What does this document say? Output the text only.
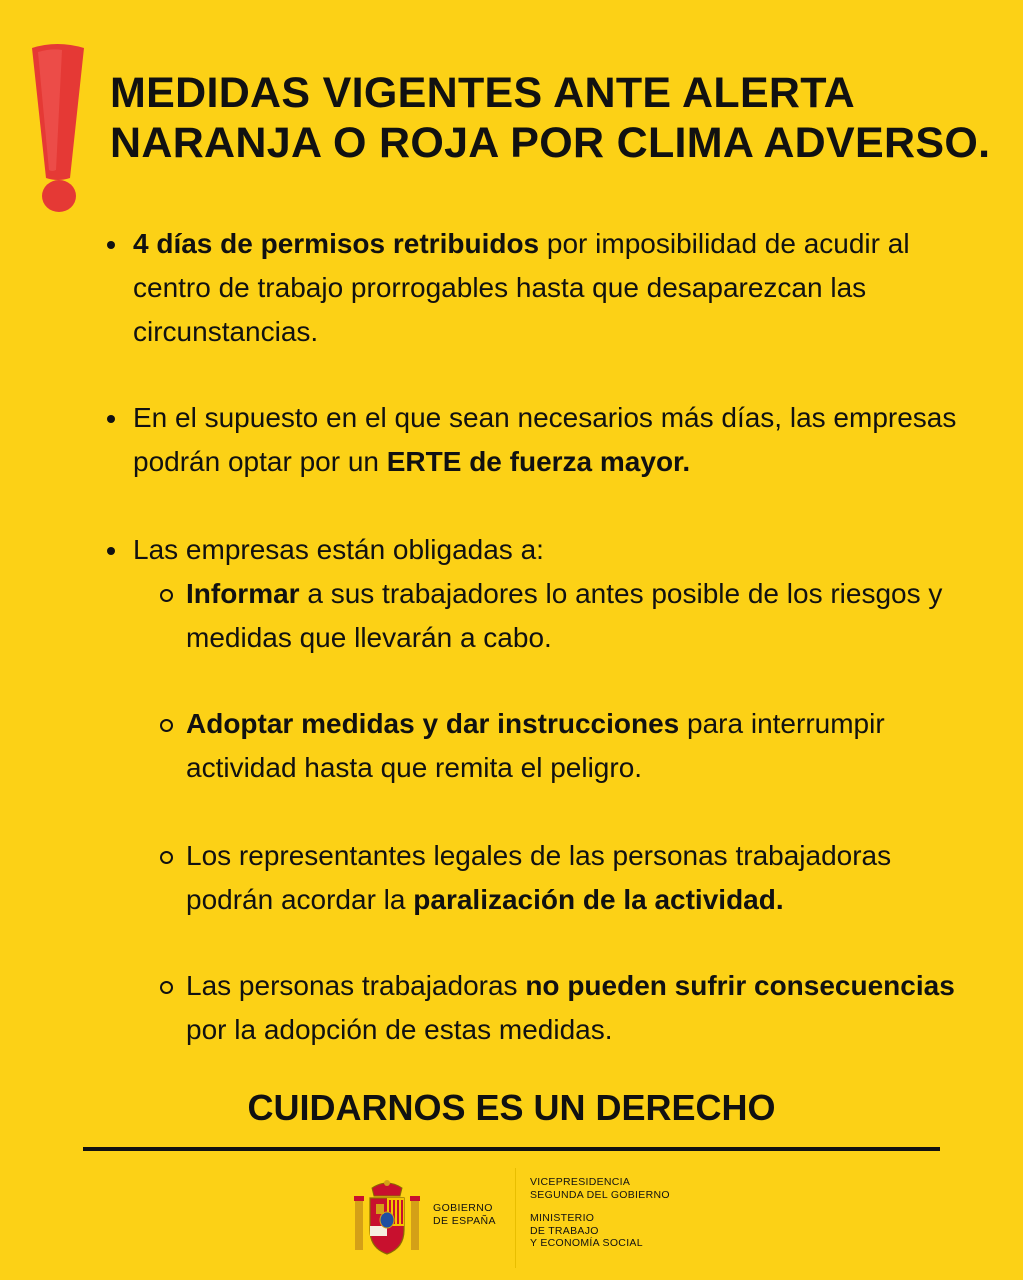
MEDIDAS VIGENTES ANTE ALERTA
NARANJA O ROJA POR CLIMA ADVERSO.
4 días de permisos retribuidos por imposibilidad de acudir al centro de trabajo prorrogables hasta que desaparezcan las circunstancias.
En el supuesto en el que sean necesarios más días, las empresas podrán optar por un ERTE de fuerza mayor.
Las empresas están obligadas a:
Informar a sus trabajadores lo antes posible de los riesgos y medidas que llevarán a cabo.
Adoptar medidas y dar instrucciones para interrumpir actividad hasta que remita el peligro.
Los representantes legales de las personas trabajadoras podrán acordar la paralización de la actividad.
Las personas trabajadoras no pueden sufrir consecuencias por la adopción de estas medidas.
CUIDARNOS ES UN DERECHO
GOBIERNO
DE ESPAÑA
VICEPRESIDENCIA
SEGUNDA DEL GOBIERNO
MINISTERIO
DE TRABAJO
Y ECONOMÍA SOCIAL
